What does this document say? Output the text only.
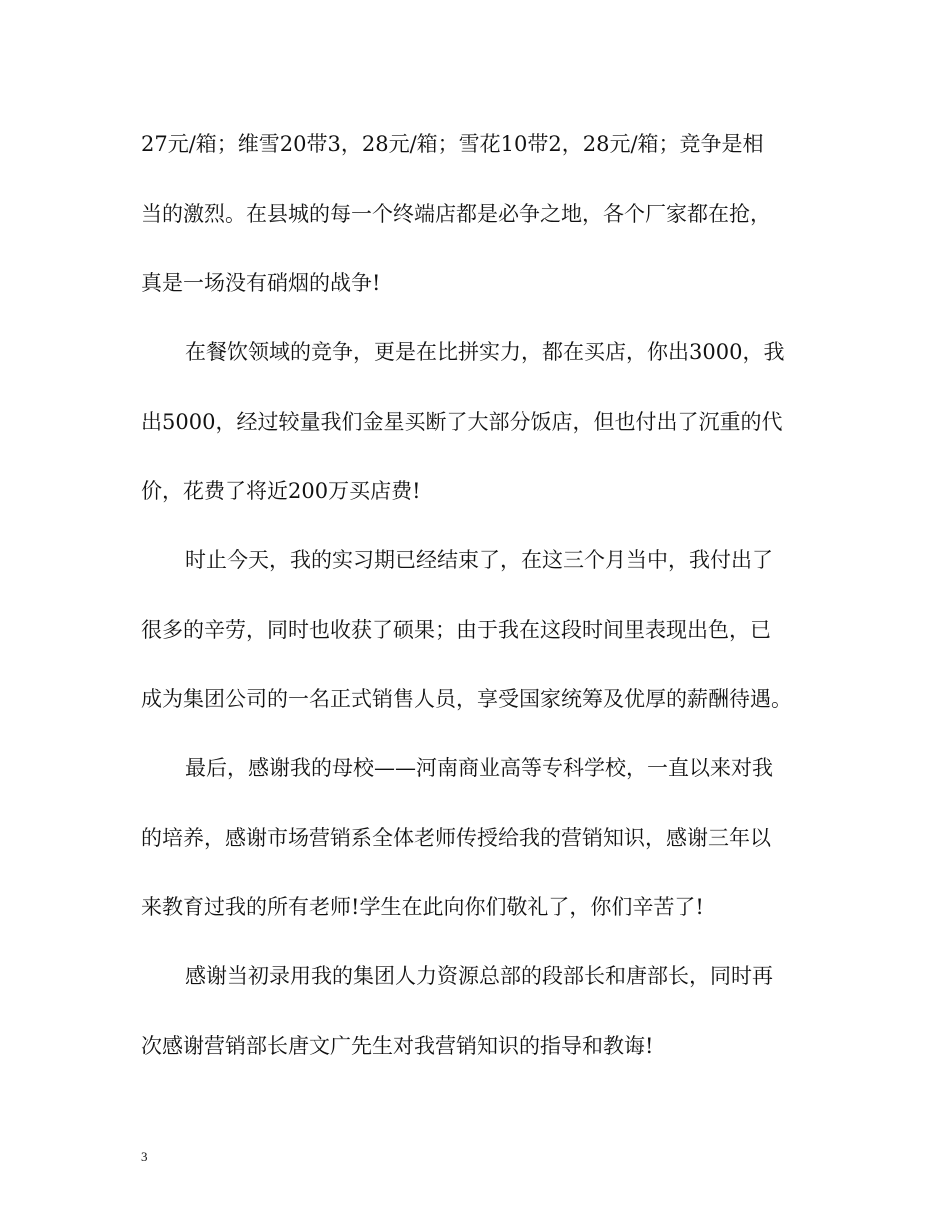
27元/箱；维雪20带3，28元/箱；雪花10带2，28元/箱；竞争是相
当的激烈。在县城的每一个终端店都是必争之地，各个厂家都在抢，
真是一场没有硝烟的战争!
在餐饮领域的竞争，更是在比拼实力，都在买店，你出3000，我
出5000，经过较量我们金星买断了大部分饭店，但也付出了沉重的代
价，花费了将近200万买店费!
时止今天，我的实习期已经结束了，在这三个月当中，我付出了
很多的辛劳，同时也收获了硕果；由于我在这段时间里表现出色，已
成为集团公司的一名正式销售人员，享受国家统筹及优厚的薪酬待遇。
最后，感谢我的母校——河南商业高等专科学校，一直以来对我
的培养，感谢市场营销系全体老师传授给我的营销知识，感谢三年以
来教育过我的所有老师!学生在此向你们敬礼了，你们辛苦了!
感谢当初录用我的集团人力资源总部的段部长和唐部长，同时再
次感谢营销部长唐文广先生对我营销知识的指导和教诲!
3
